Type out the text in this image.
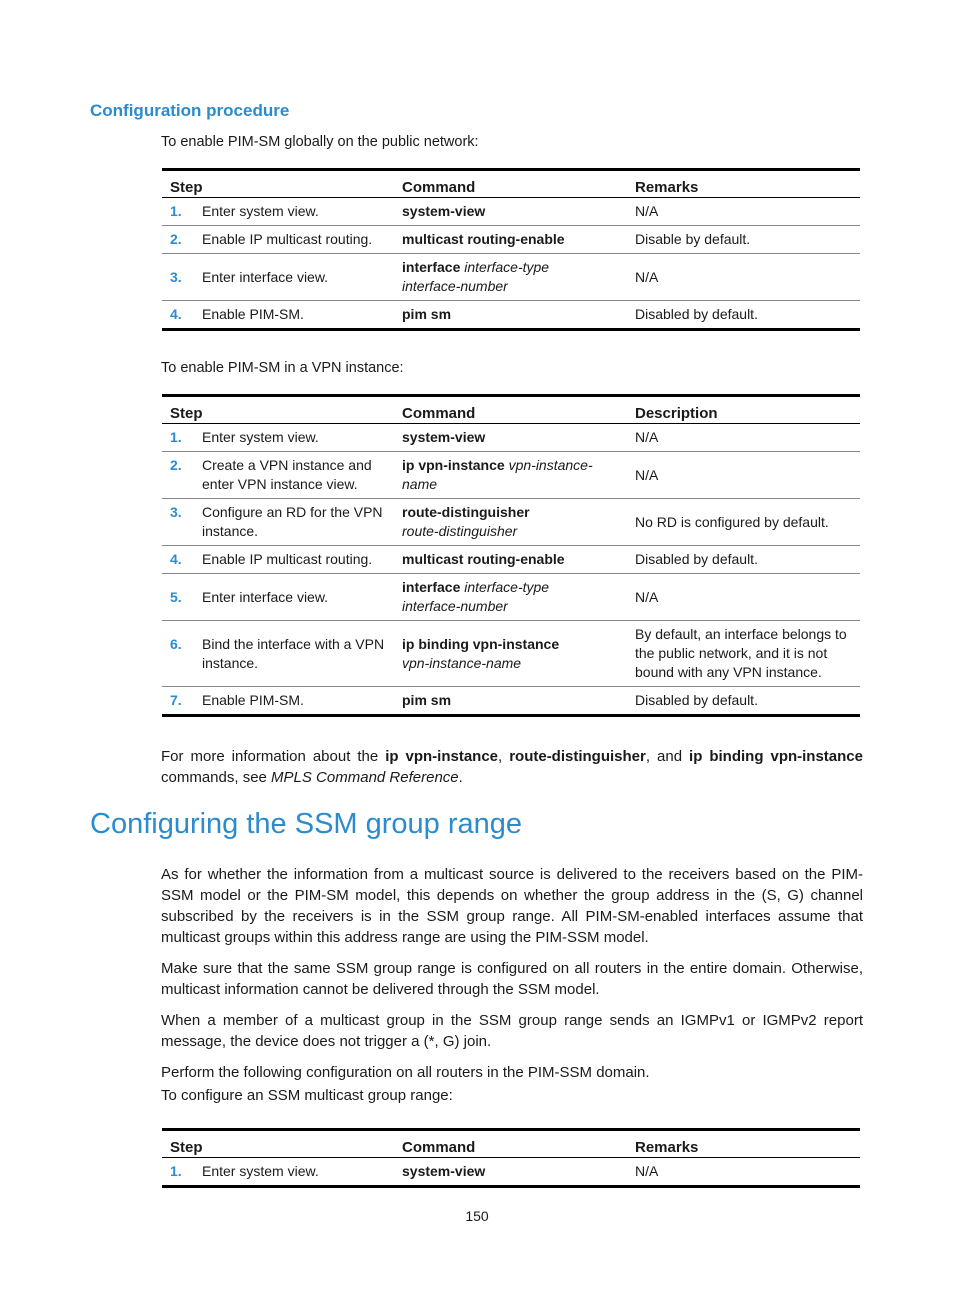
Configuration procedure
To enable PIM-SM globally on the public network:
Step	Command	Remarks

1. Enter system view.	system-view	N/A

2. Enable IP multicast routing.	multicast routing-enable	Disable by default.

3. Enter interface view.	interface interface-type
interface-number	N/A

4. Enable PIM-SM.	pim sm	Disabled by default.
To enable PIM-SM in a VPN instance:
Step	Command	Description

1. Enter system view.	system-view	N/A

2. Create a VPN instance and enter VPN instance view.	ip vpn-instance vpn-instance-name	N/A

3. Configure an RD for the VPN instance.	route-distinguisher
route-distinguisher	No RD is configured by default.

4. Enable IP multicast routing.	multicast routing-enable	Disabled by default.

5. Enter interface view.	interface interface-type
interface-number	N/A

6. Bind the interface with a VPN instance.	ip binding vpn-instance
vpn-instance-name	By default, an interface belongs to the public network, and it is not bound with any VPN instance.

7. Enable PIM-SM.	pim sm	Disabled by default.
For more information about the ip vpn-instance, route-distinguisher, and ip binding vpn-instance commands, see MPLS Command Reference.
Configuring the SSM group range
As for whether the information from a multicast source is delivered to the receivers based on the PIM-SSM model or the PIM-SM model, this depends on whether the group address in the (S, G) channel subscribed by the receivers is in the SSM group range. All PIM-SM-enabled interfaces assume that multicast groups within this address range are using the PIM-SSM model.
Make sure that the same SSM group range is configured on all routers in the entire domain. Otherwise, multicast information cannot be delivered through the SSM model.
When a member of a multicast group in the SSM group range sends an IGMPv1 or IGMPv2 report message, the device does not trigger a (*, G) join.
Perform the following configuration on all routers in the PIM-SSM domain.
To configure an SSM multicast group range:
Step	Command	Remarks

1. Enter system view.	system-view	N/A
150
